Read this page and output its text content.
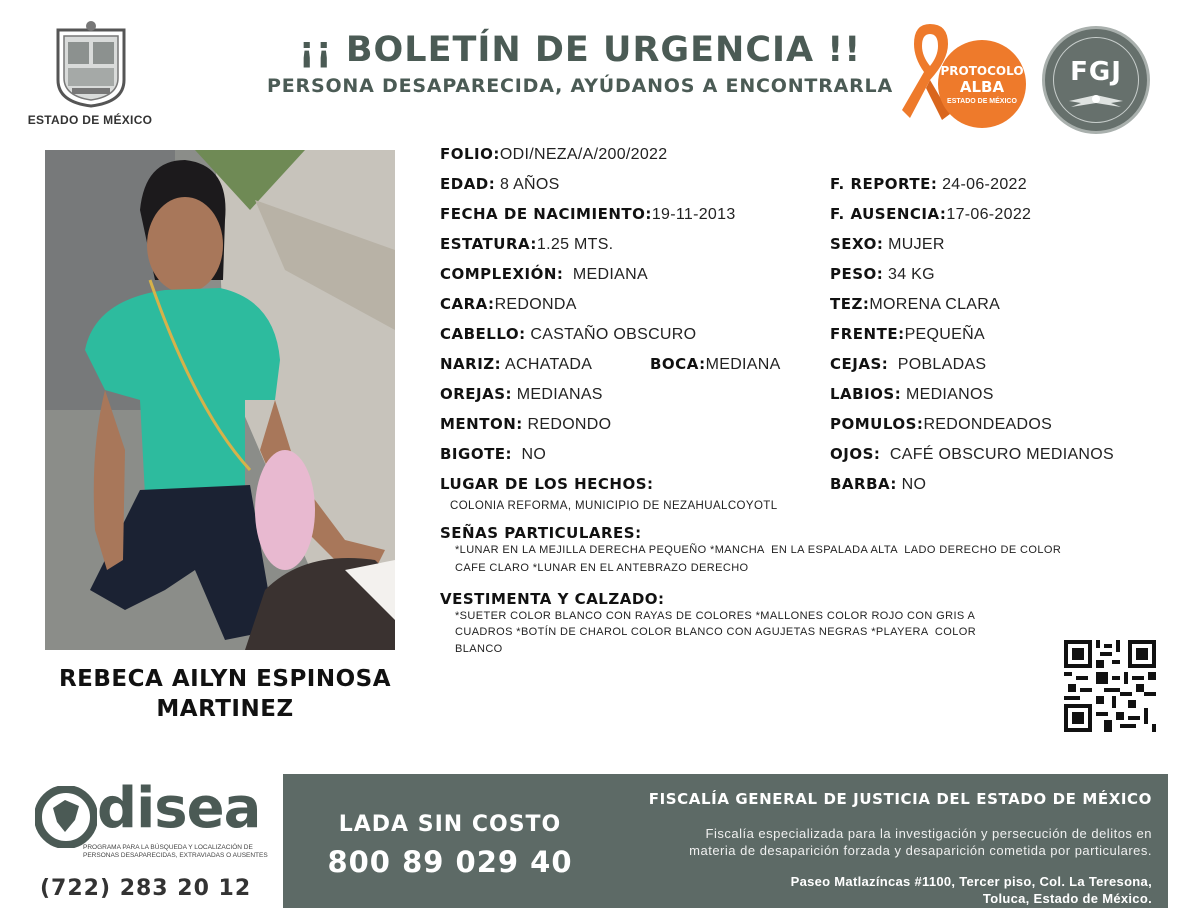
ESTADO DE MÉXICO
¡¡ BOLETÍN DE URGENCIA !!
PERSONA DESAPARECIDA, AYÚDANOS A ENCONTRARLA
PROTOCOLO
ALBA
ESTADO DE MÉXICO
FGJ
REBECA AILYN ESPINOSA
MARTINEZ
FOLIO:ODI/NEZA/A/200/2022
EDAD: 8 AÑOS	F. REPORTE: 24-06-2022
FECHA DE NACIMIENTO:19-11-2013	F. AUSENCIA:17-06-2022
ESTATURA:1.25 MTS.	SEXO: MUJER
COMPLEXIÓN:  MEDIANA	PESO: 34 KG
CARA:REDONDA	TEZ:MORENA CLARA
CABELLO: CASTAÑO OBSCURO	FRENTE:PEQUEÑA
NARIZ: ACHATADA	BOCA:MEDIANA	CEJAS:  POBLADAS
OREJAS: MEDIANAS	LABIOS: MEDIANOS
MENTON: REDONDO	POMULOS:REDONDEADOS
BIGOTE:  NO	OJOS:  CAFÉ OBSCURO MEDIANOS
LUGAR DE LOS HECHOS:	BARBA: NO
COLONIA REFORMA, MUNICIPIO DE NEZAHUALCOYOTL
SEÑAS PARTICULARES:
*LUNAR EN LA MEJILLA DERECHA PEQUEÑO *MANCHA  EN LA ESPALADA ALTA  LADO DERECHO DE COLOR
CAFE CLARO *LUNAR EN EL ANTEBRAZO DERECHO
VESTIMENTA Y CALZADO:
*SUETER COLOR BLANCO CON RAYAS DE COLORES *MALLONES COLOR ROJO CON GRIS A
CUADROS *BOTÍN DE CHAROL COLOR BLANCO CON AGUJETAS NEGRAS *PLAYERA  COLOR
BLANCO
disea
PROGRAMA PARA LA BÚSQUEDA Y LOCALIZACIÓN DE PERSONAS DESAPARECIDAS, EXTRAVIADAS O AUSENTES
(722) 283 20 12
LADA SIN COSTO
800 89 029 40
FISCALÍA GENERAL DE JUSTICIA DEL ESTADO DE MÉXICO
Fiscalía especializada para la investigación y persecución de delitos en
materia de desaparición forzada y desaparición cometida por particulares.
Paseo Matlazíncas #1100, Tercer piso, Col. La Teresona,
Toluca, Estado de México.
